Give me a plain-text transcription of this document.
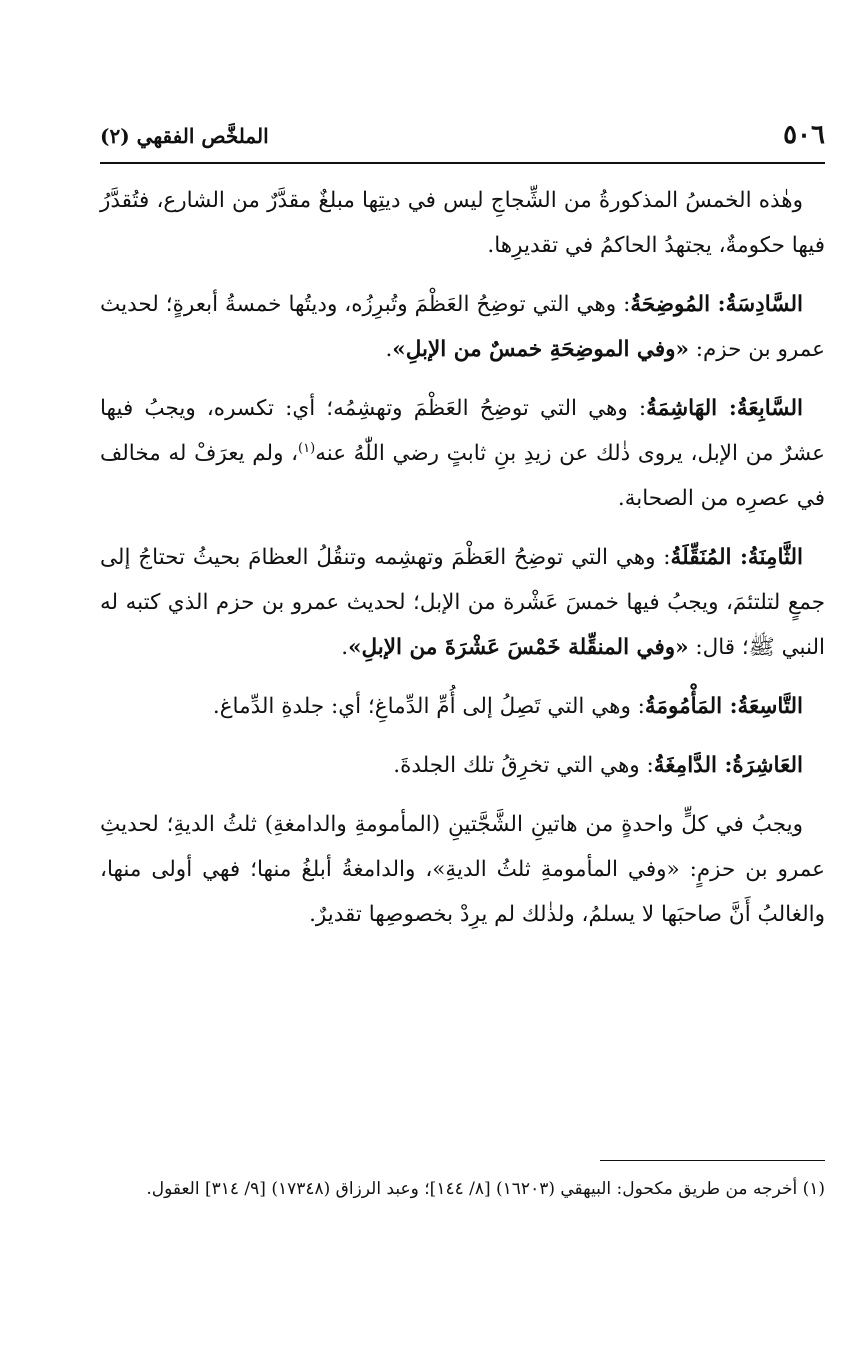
٥٠٦
الملخَّص الفقهي (٢)

وهٰذه الخمسُ المذكورةُ من الشِّجاجِ ليس في ديتِها مبلغٌ مقدَّرٌ من الشارع، فتُقدَّرُ فيها حكومةٌ، يجتهدُ الحاكمُ في تقديرِها.

السَّادِسَةُ: المُوضِحَةُ: وهي التي توضِحُ العَظْمَ وتُبرِزُه، وديتُها خمسةُ أبعرةٍ؛ لحديث عمرو بن حزم: «وفي الموضِحَةِ خمسٌ من الإبلِ».

السَّابِعَةُ: الهَاشِمَةُ: وهي التي توضِحُ العَظْمَ وتهشِمُه؛ أي: تكسره، ويجبُ فيها عشرٌ من الإبل، يروى ذٰلك عن زيدِ بنِ ثابتٍ رضي اللّٰهُ عنه$^{(١)}$، ولم يعرَفْ له مخالف في عصرِه من الصحابة.

الثَّامِنَةُ: المُنَقِّلَةُ: وهي التي توضِحُ العَظْمَ وتهشِمه وتنقُلُ العظامَ بحيثُ تحتاجُ إلى جمعٍ لتلتئمَ، ويجبُ فيها خمسَ عَشْرة من الإبل؛ لحديث عمرو بن حزم الذي كتبه له النبي ﷺ؛ قال: «وفي المنقِّلة خَمْسَ عَشْرَةَ من الإبلِ».

التَّاسِعَةُ: المَأْمُومَةُ: وهي التي تَصِلُ إلى أُمِّ الدِّماغِ؛ أي: جلدةِ الدِّماغ.

العَاشِرَةُ: الدَّامِغَةُ: وهي التي تخرِقُ تلك الجلدةَ.

ويجبُ في كلٍّ واحدةٍ من هاتينِ الشَّجَّتينِ (المأمومةِ والدامغةِ) ثلثُ الديةِ؛ لحديثِ عمرو بن حزمٍ: «وفي المأمومةِ ثلثُ الديةِ»، والدامغةُ أبلغُ منها؛ فهي أولى منها، والغالبُ أَنَّ صاحبَها لا يسلمُ، ولذٰلك لم يرِدْ بخصوصِها تقديرٌ.

(١) أخرجه من طريق مكحول: البيهقي (١٦٢٠٣) [٨/ ١٤٤]؛ وعبد الرزاق (١٧٣٤٨) [٩/ ٣١٤] العقول.
